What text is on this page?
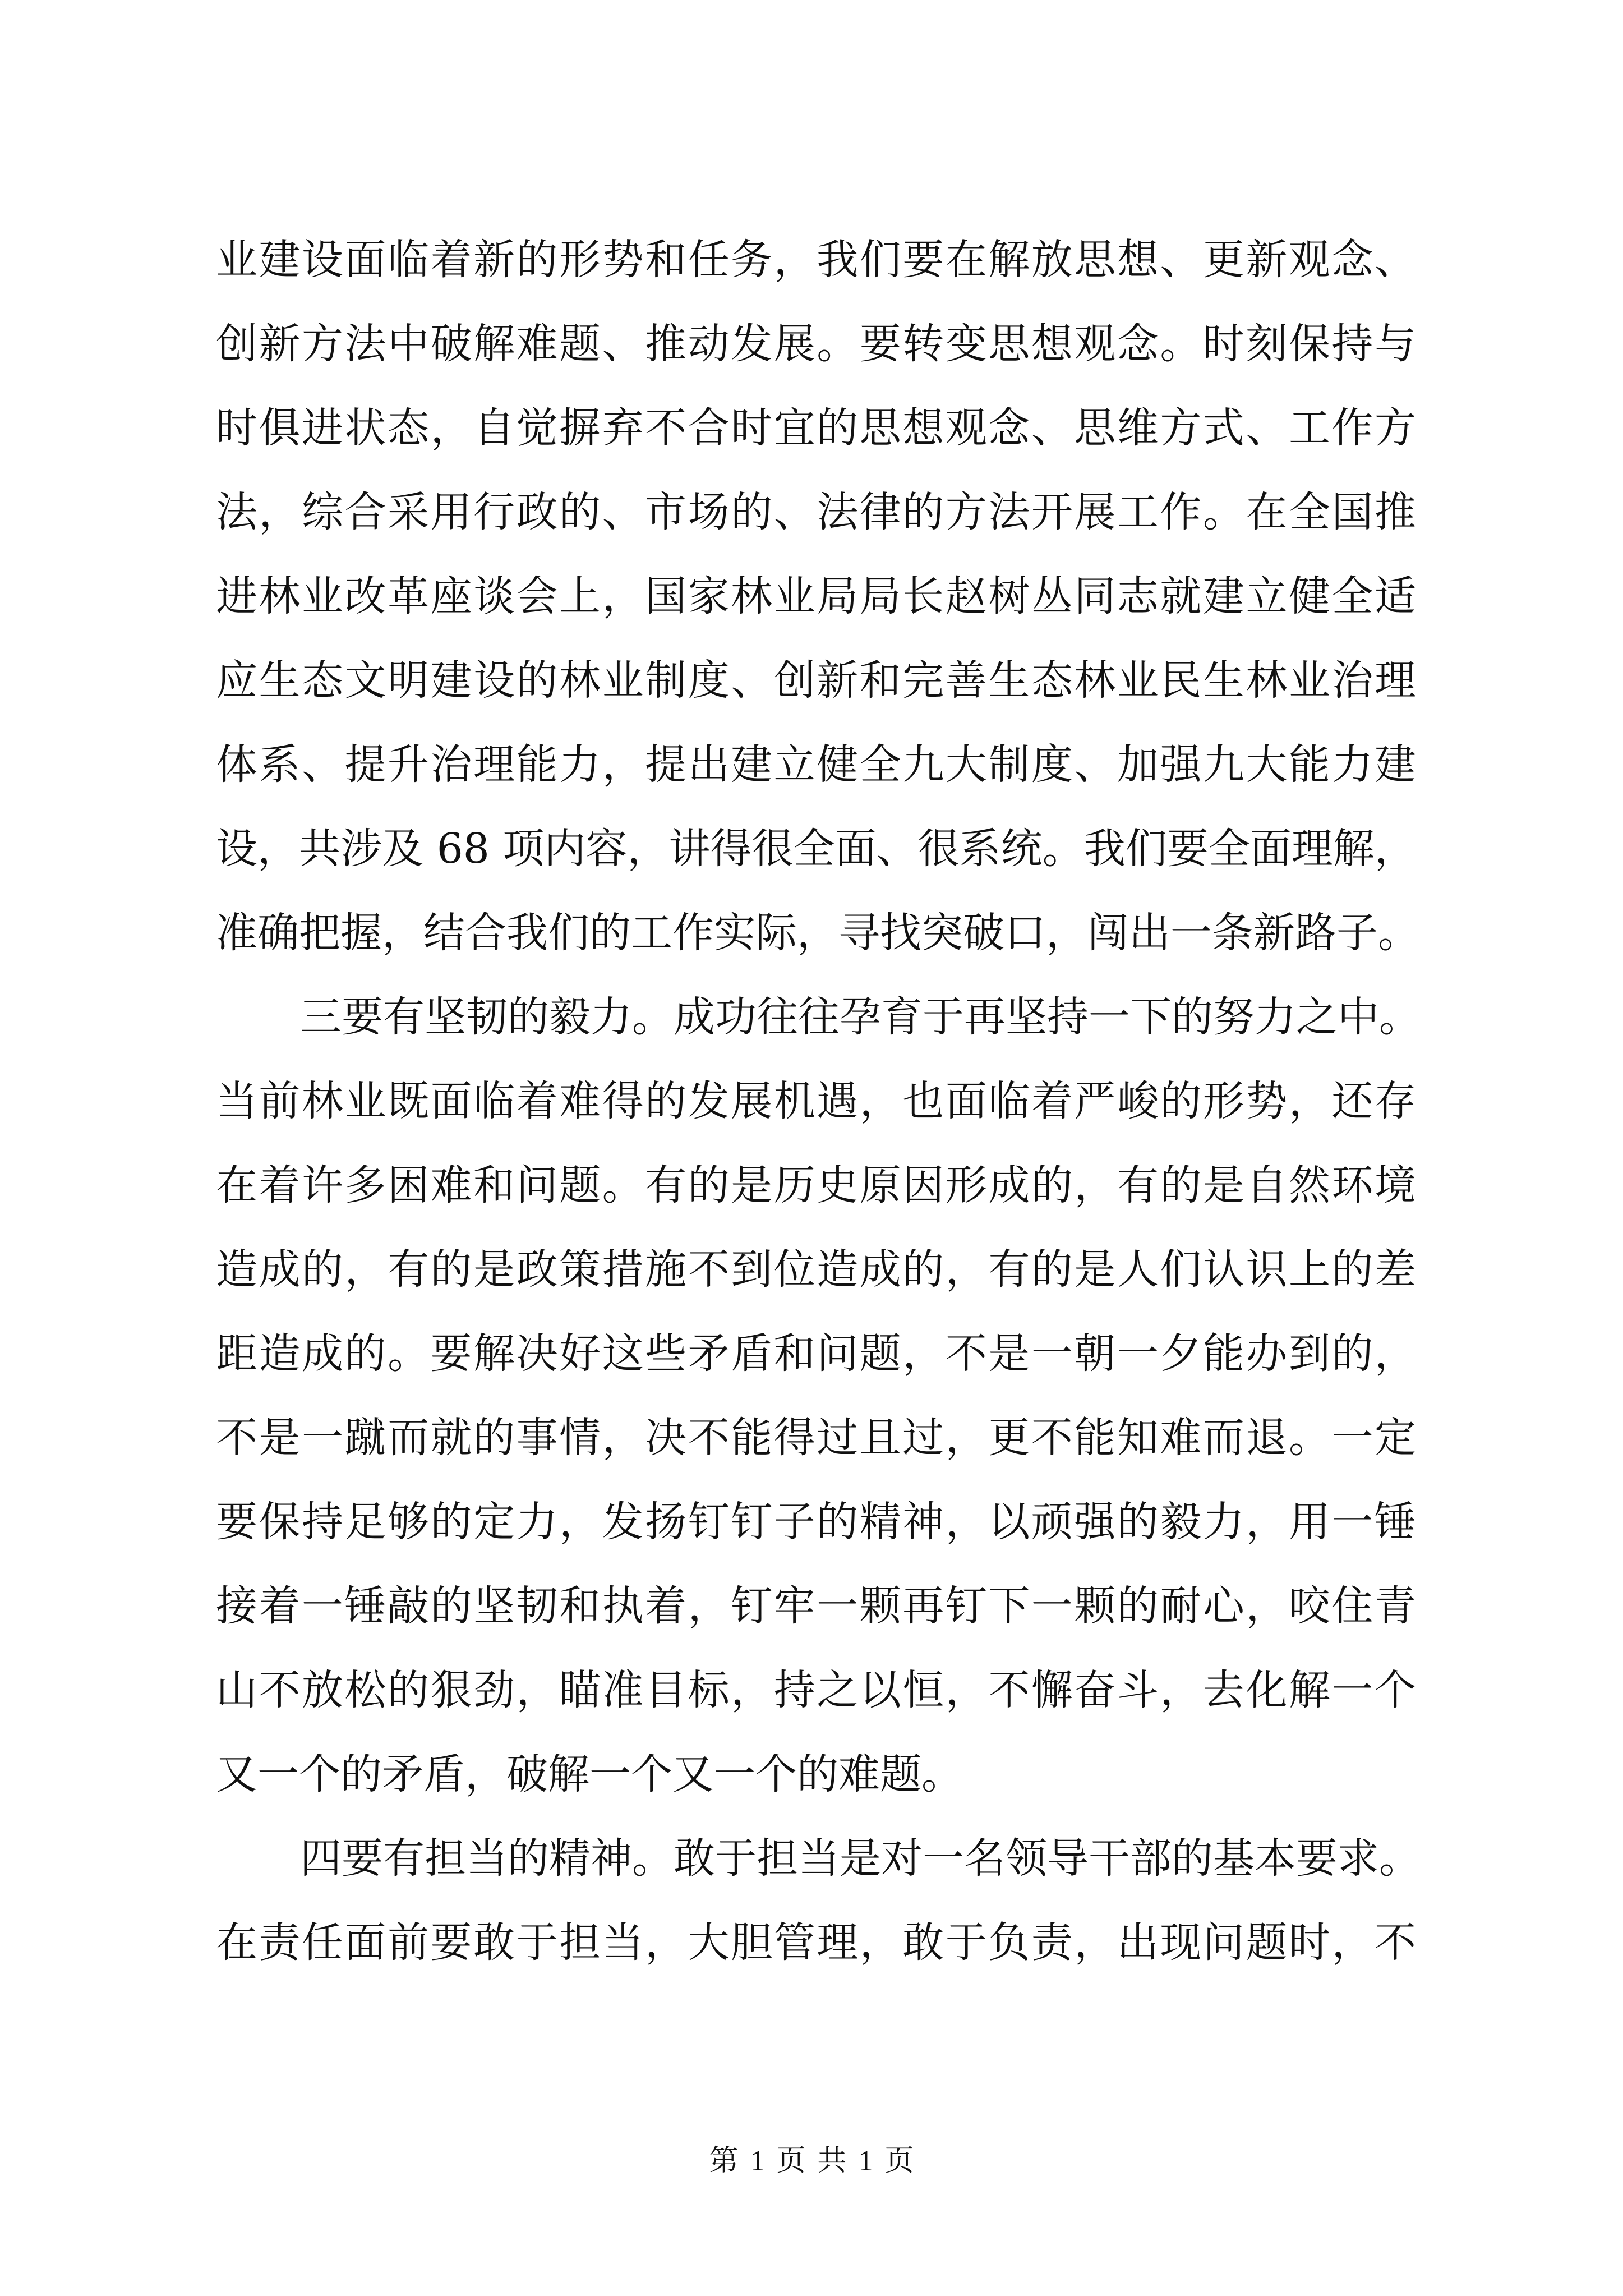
业建设面临着新的形势和任务，我们要在解放思想、更新观念、
创新方法中破解难题、推动发展。要转变思想观念。时刻保持与
时俱进状态，自觉摒弃不合时宜的思想观念、思维方式、工作方
法，综合采用行政的、市场的、法律的方法开展工作。在全国推
进林业改革座谈会上，国家林业局局长赵树丛同志就建立健全适
应生态文明建设的林业制度、创新和完善生态林业民生林业治理
体系、提升治理能力，提出建立健全九大制度、加强九大能力建
设，共涉及 68 项内容，讲得很全面、很系统。我们要全面理解，
准确把握，结合我们的工作实际，寻找突破口，闯出一条新路子。
三要有坚韧的毅力。成功往往孕育于再坚持一下的努力之中。
当前林业既面临着难得的发展机遇，也面临着严峻的形势，还存
在着许多困难和问题。有的是历史原因形成的，有的是自然环境
造成的，有的是政策措施不到位造成的，有的是人们认识上的差
距造成的。要解决好这些矛盾和问题，不是一朝一夕能办到的，
不是一蹴而就的事情，决不能得过且过，更不能知难而退。一定
要保持足够的定力，发扬钉钉子的精神，以顽强的毅力，用一锤
接着一锤敲的坚韧和执着，钉牢一颗再钉下一颗的耐心，咬住青
山不放松的狠劲，瞄准目标，持之以恒，不懈奋斗，去化解一个
又一个的矛盾，破解一个又一个的难题。
四要有担当的精神。敢于担当是对一名领导干部的基本要求。
在责任面前要敢于担当，大胆管理，敢于负责，出现问题时，不
第 1 页 共 1 页
